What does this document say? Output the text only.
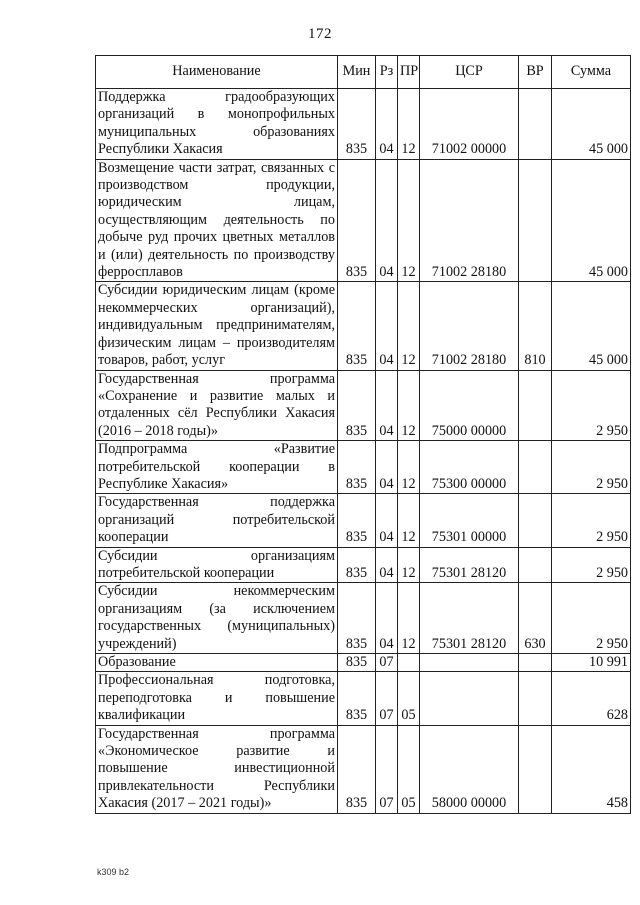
172
Наименование	Мин	Рз	ПР	ЦСР	ВР	Сумма
Поддержка градообразующих организаций в монопрофильных муниципальных образованиях Республики Хакасия	835	04	12	71002 00000		45 000
Возмещение части затрат, связанных с производством продукции, юридическим лицам, осуществляющим деятельность по добыче руд прочих цветных металлов и (или) деятельность по производству ферросплавов	835	04	12	71002 28180		45 000
Субсидии юридическим лицам (кроме некоммерческих организаций), индивидуальным предпринимателям, физическим лицам – производителям товаров, работ, услуг	835	04	12	71002 28180	810	45 000
Государственная программа «Сохранение и развитие малых и отдаленных сёл Республики Хакасия (2016 – 2018 годы)»	835	04	12	75000 00000		2 950
Подпрограмма «Развитие потребительской кооперации в Республике Хакасия»	835	04	12	75300 00000		2 950
Государственная поддержка организаций потребительской кооперации	835	04	12	75301 00000		2 950
Субсидии организациям потребительской кооперации	835	04	12	75301 28120		2 950
Субсидии некоммерческим организациям (за исключением государственных (муниципальных) учреждений)	835	04	12	75301 28120	630	2 950
Образование	835	07				10 991
Профессиональная подготовка, переподготовка и повышение квалификации	835	07	05			628
Государственная программа «Экономическое развитие и повышение инвестиционной привлекательности Республики Хакасия (2017 – 2021 годы)»	835	07	05	58000 00000		458
k309 b2
